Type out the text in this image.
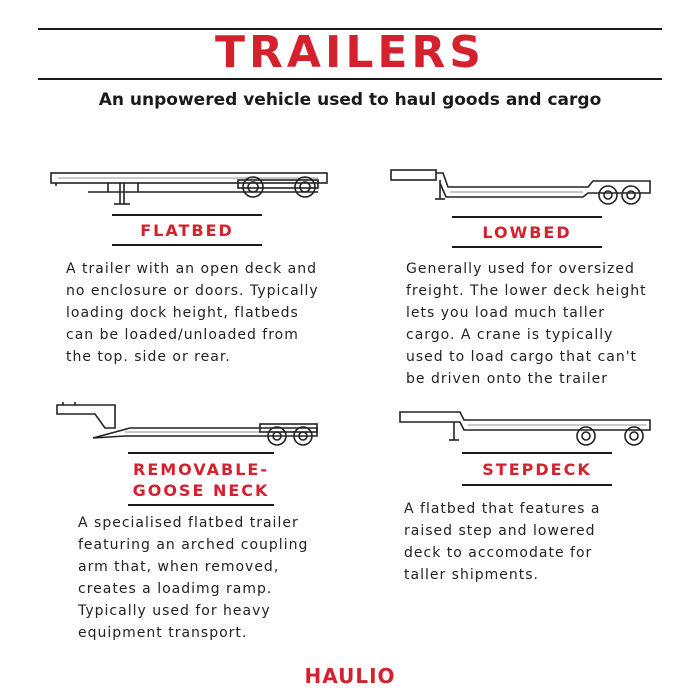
TRAILERS
An unpowered vehicle used to haul goods and cargo
FLATBED
A trailer with an open deck and
no enclosure or doors. Typically
loading dock height, flatbeds
can be loaded/unloaded from
the top. side or rear.
LOWBED
Generally used for oversized
freight. The lower deck height
lets you load much taller
cargo. A crane is typically
used to load cargo that can't
be driven onto the trailer
REMOVABLE-
GOOSE NECK
A specialised flatbed trailer
featuring an arched coupling
arm that, when removed,
creates a loadimg ramp.
Typically used for heavy
equipment transport.
STEPDECK
A flatbed that features a
raised step and lowered
deck to accomodate for
taller shipments.
HAULIO
